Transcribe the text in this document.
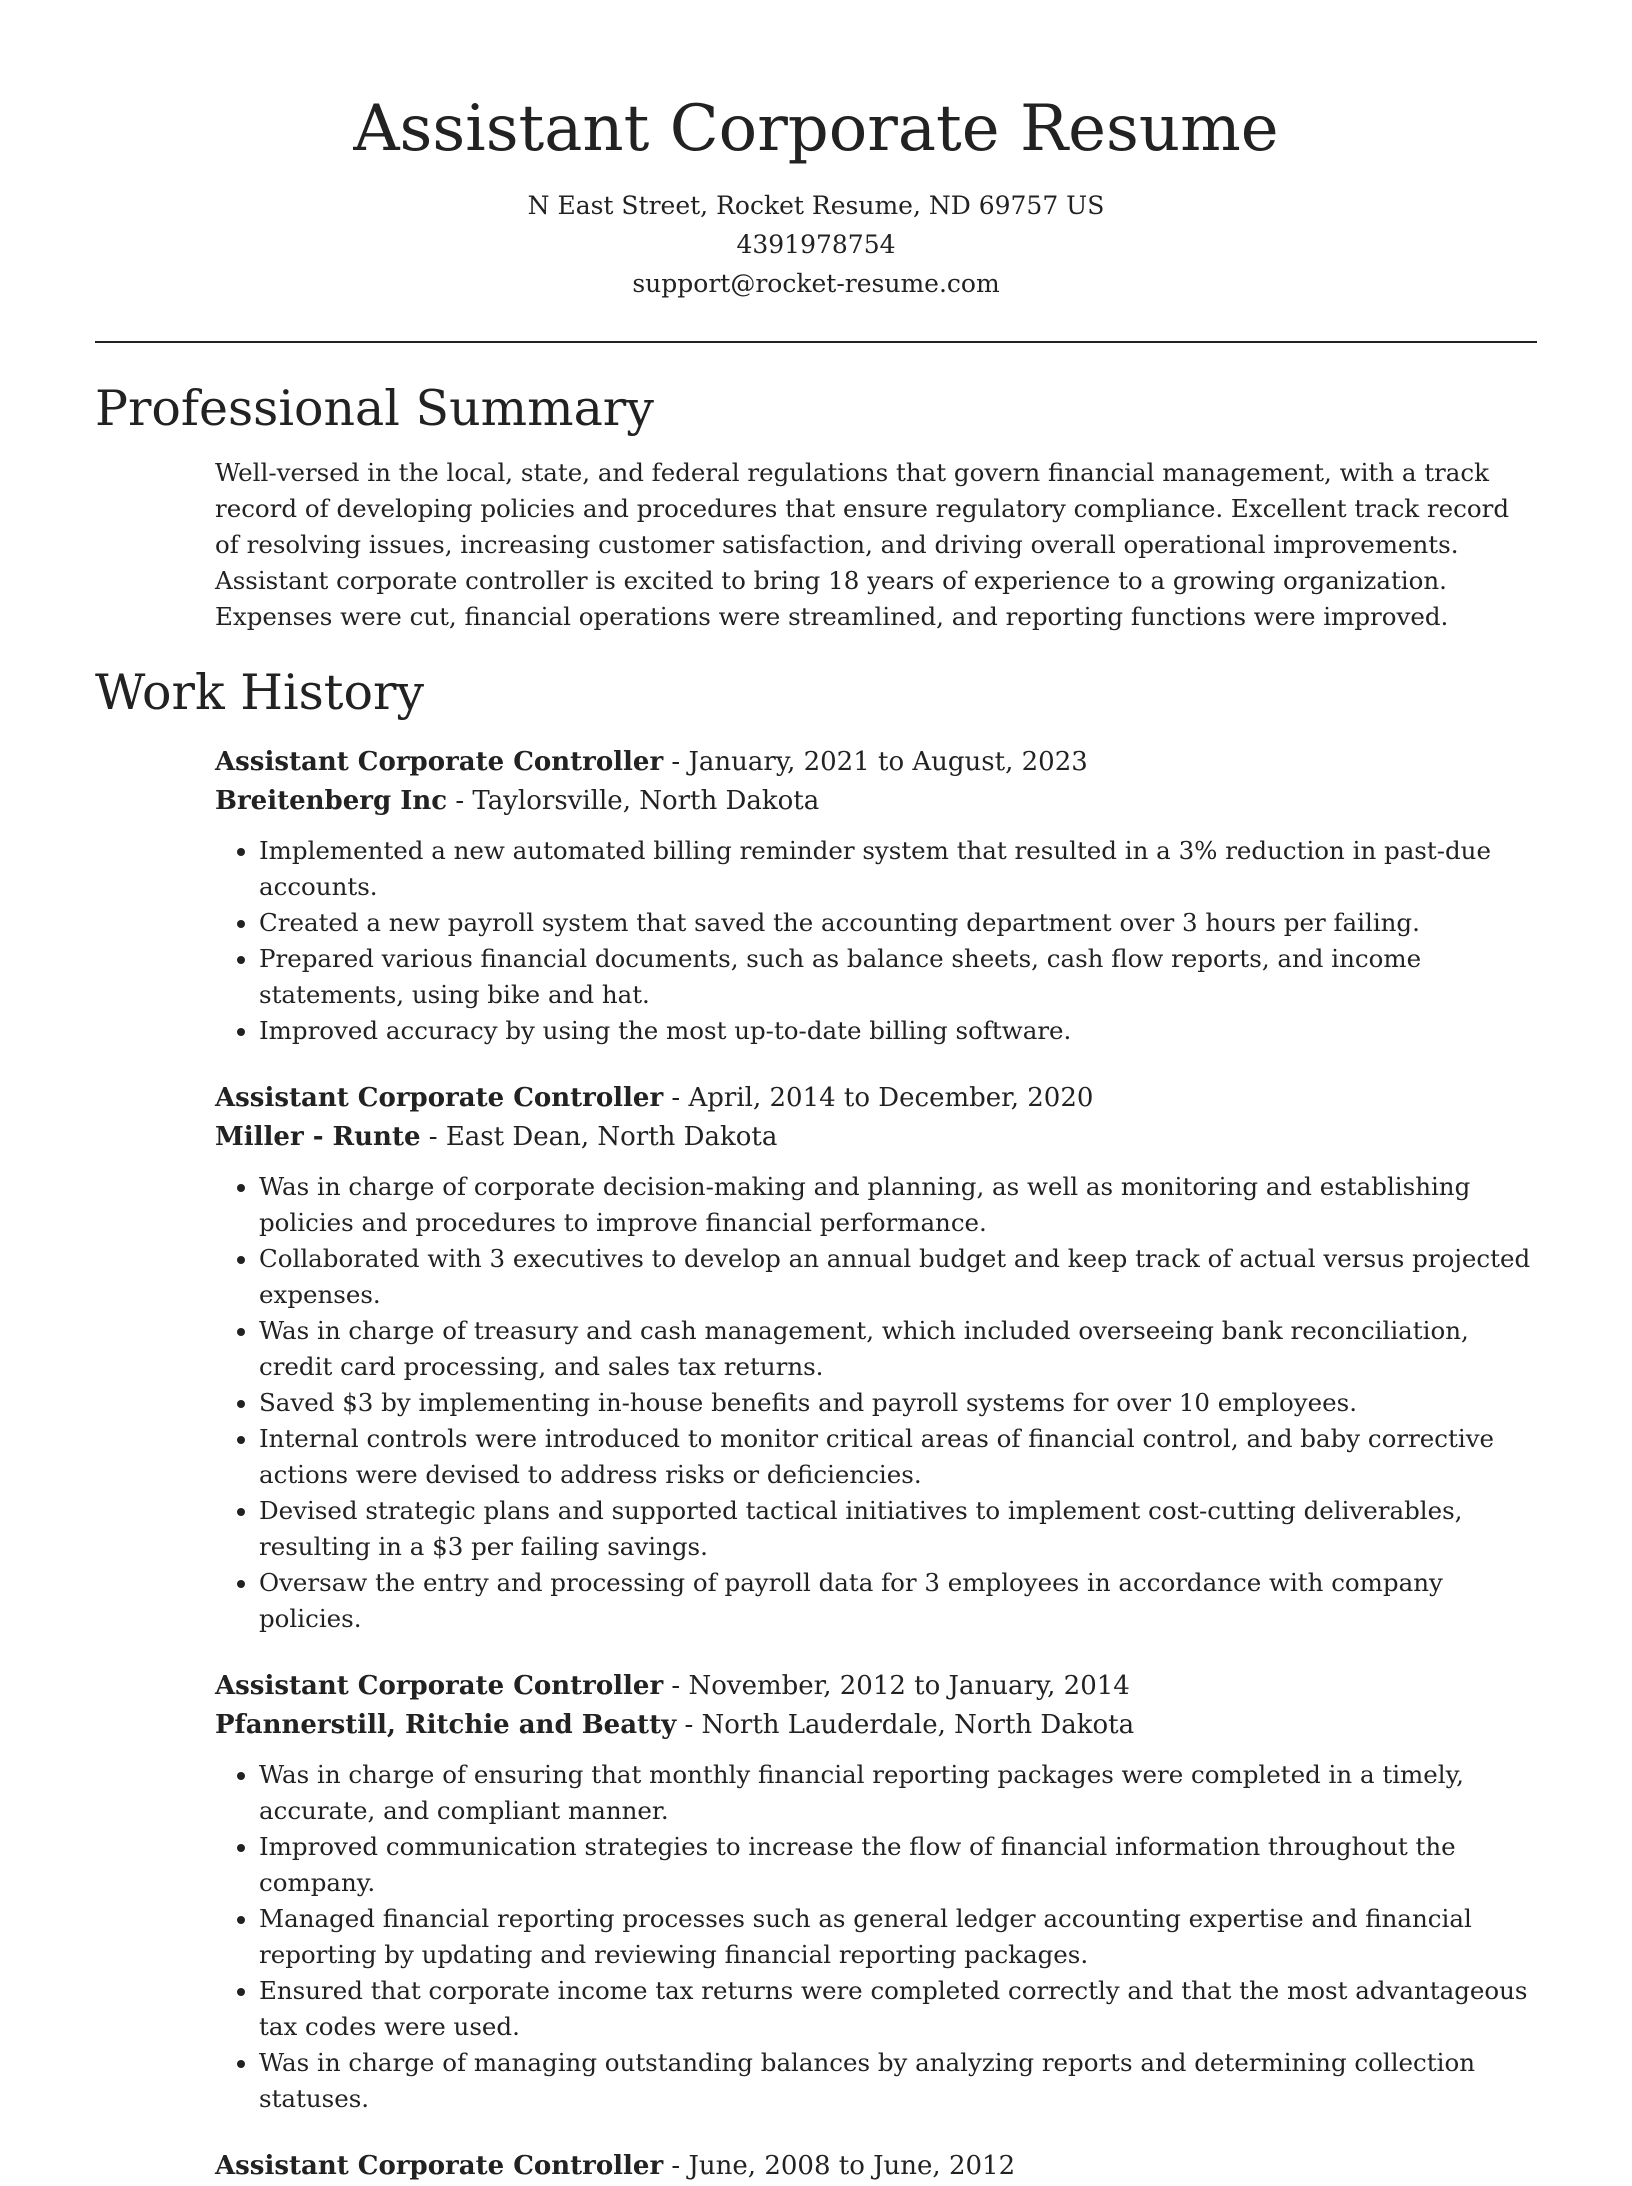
Assistant Corporate Resume

N East Street, Rocket Resume, ND 69757 US

4391978754

support@rocket-resume.com

Professional Summary

Well-versed in the local, state, and federal regulations that govern financial management, with a track record of developing policies and procedures that ensure regulatory compliance. Excellent track record of resolving issues, increasing customer satisfaction, and driving overall operational improvements. Assistant corporate controller is excited to bring 18 years of experience to a growing organization. Expenses were cut, financial operations were streamlined, and reporting functions were improved.

Work History

Assistant Corporate Controller - January, 2021 to August, 2023

Breitenberg Inc - Taylorsville, North Dakota

• Implemented a new automated billing reminder system that resulted in a 3% reduction in past-due accounts.
• Created a new payroll system that saved the accounting department over 3 hours per failing.
• Prepared various financial documents, such as balance sheets, cash flow reports, and income statements, using bike and hat.
• Improved accuracy by using the most up-to-date billing software.

Assistant Corporate Controller - April, 2014 to December, 2020

Miller - Runte - East Dean, North Dakota

• Was in charge of corporate decision-making and planning, as well as monitoring and establishing policies and procedures to improve financial performance.
• Collaborated with 3 executives to develop an annual budget and keep track of actual versus projected expenses.
• Was in charge of treasury and cash management, which included overseeing bank reconciliation, credit card processing, and sales tax returns.
• Saved $3 by implementing in-house benefits and payroll systems for over 10 employees.
• Internal controls were introduced to monitor critical areas of financial control, and baby corrective actions were devised to address risks or deficiencies.
• Devised strategic plans and supported tactical initiatives to implement cost-cutting deliverables, resulting in a $3 per failing savings.
• Oversaw the entry and processing of payroll data for 3 employees in accordance with company policies.

Assistant Corporate Controller - November, 2012 to January, 2014

Pfannerstill, Ritchie and Beatty - North Lauderdale, North Dakota

• Was in charge of ensuring that monthly financial reporting packages were completed in a timely, accurate, and compliant manner.
• Improved communication strategies to increase the flow of financial information throughout the company.
• Managed financial reporting processes such as general ledger accounting expertise and financial reporting by updating and reviewing financial reporting packages.
• Ensured that corporate income tax returns were completed correctly and that the most advantageous tax codes were used.
• Was in charge of managing outstanding balances by analyzing reports and determining collection statuses.

Assistant Corporate Controller - June, 2008 to June, 2012
